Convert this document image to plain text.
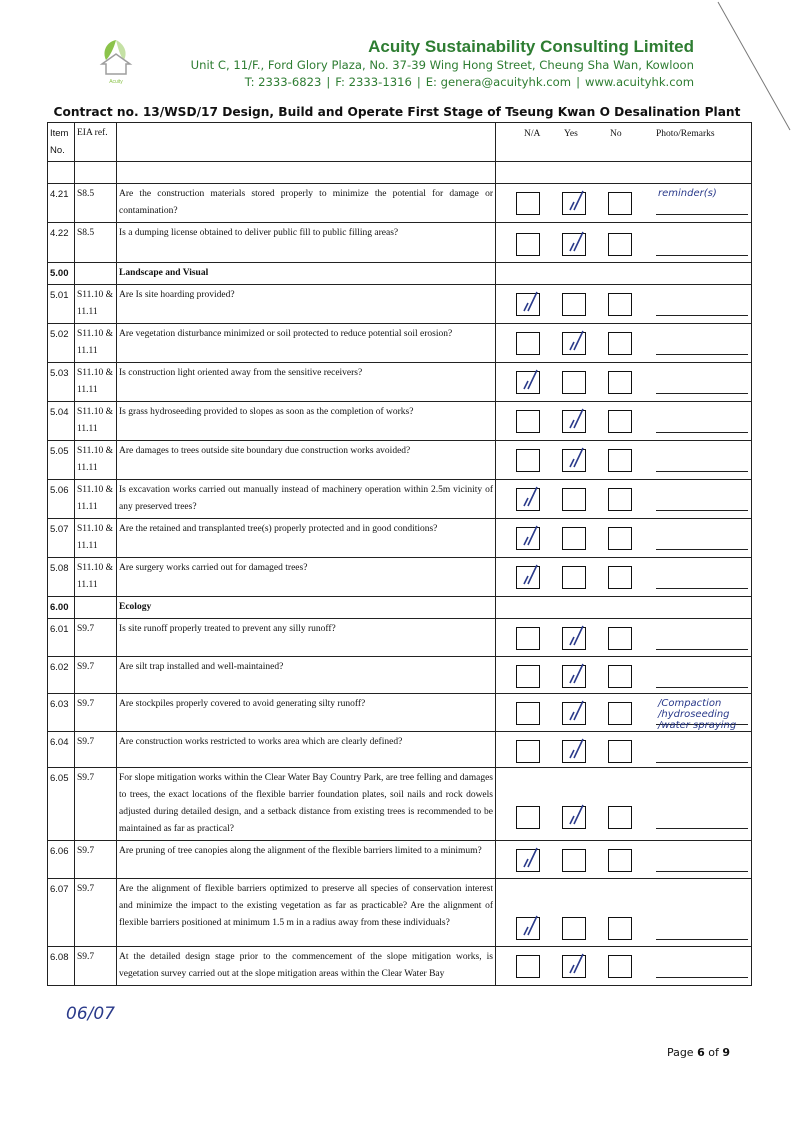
Acuity
Acuity Sustainability Consulting Limited
Unit C, 11/F., Ford Glory Plaza, No. 37-39 Wing Hong Street, Cheung Sha Wan, Kowloon
T: 2333-6823 | F: 2333-1316 | E: genera@acuityhk.com | www.acuityhk.com
Contract no. 13/WSD/17 Design, Build and Operate First Stage of Tseung Kwan O Desalination Plant
Item No.	EIA ref.		N/A Yes No Photo/Remarks

4.21	S8.5	Are the construction materials stored properly to minimize the potential for damage or contamination?	reminder(s)

4.22	S8.5	Is a dumping license obtained to deliver public fill to public filling areas?	

5.00		Landscape and Visual	
5.01	S11.10 & 11.11	Are Is site hoarding provided?	

5.02	S11.10 & 11.11	Are vegetation disturbance minimized or soil protected to reduce potential soil erosion?	

5.03	S11.10 & 11.11	Is construction light oriented away from the sensitive receivers?	

5.04	S11.10 & 11.11	Is grass hydroseeding provided to slopes as soon as the completion of works?	

5.05	S11.10 & 11.11	Are damages to trees outside site boundary due construction works avoided?	

5.06	S11.10 & 11.11	Is excavation works carried out manually instead of machinery operation within 2.5m vicinity of any preserved trees?	

5.07	S11.10 & 11.11	Are the retained and transplanted tree(s) properly protected and in good conditions?	

5.08	S11.10 & 11.11	Are surgery works carried out for damaged trees?	

6.00		Ecology	
6.01	S9.7	Is site runoff properly treated to prevent any silly runoff?	

6.02	S9.7	Are silt trap installed and well-maintained?	

6.03	S9.7	Are stockpiles properly covered to avoid generating silty runoff?	/Compaction /hydroseeding /water spraying

6.04	S9.7	Are construction works restricted to works area which are clearly defined?	

6.05	S9.7	For slope mitigation works within the Clear Water Bay Country Park, are tree felling and damages to trees, the exact locations of the flexible barrier foundation plates, soil nails and rock dowels adjusted during detailed design, and a setback distance from existing trees is recommended to be maintained as far as practical?	

6.06	S9.7	Are pruning of tree canopies along the alignment of the flexible barriers limited to a minimum?	

6.07	S9.7	Are the alignment of flexible barriers optimized to preserve all species of conservation interest and minimize the impact to the existing vegetation as far as practicable? Are the alignment of flexible barriers positioned at minimum 1.5 m in a radius away from these individuals?	

6.08	S9.7	At the detailed design stage prior to the commencement of the slope mitigation works, is vegetation survey carried out at the slope mitigation areas within the Clear Water Bay	
06/07
Page 6 of 9
